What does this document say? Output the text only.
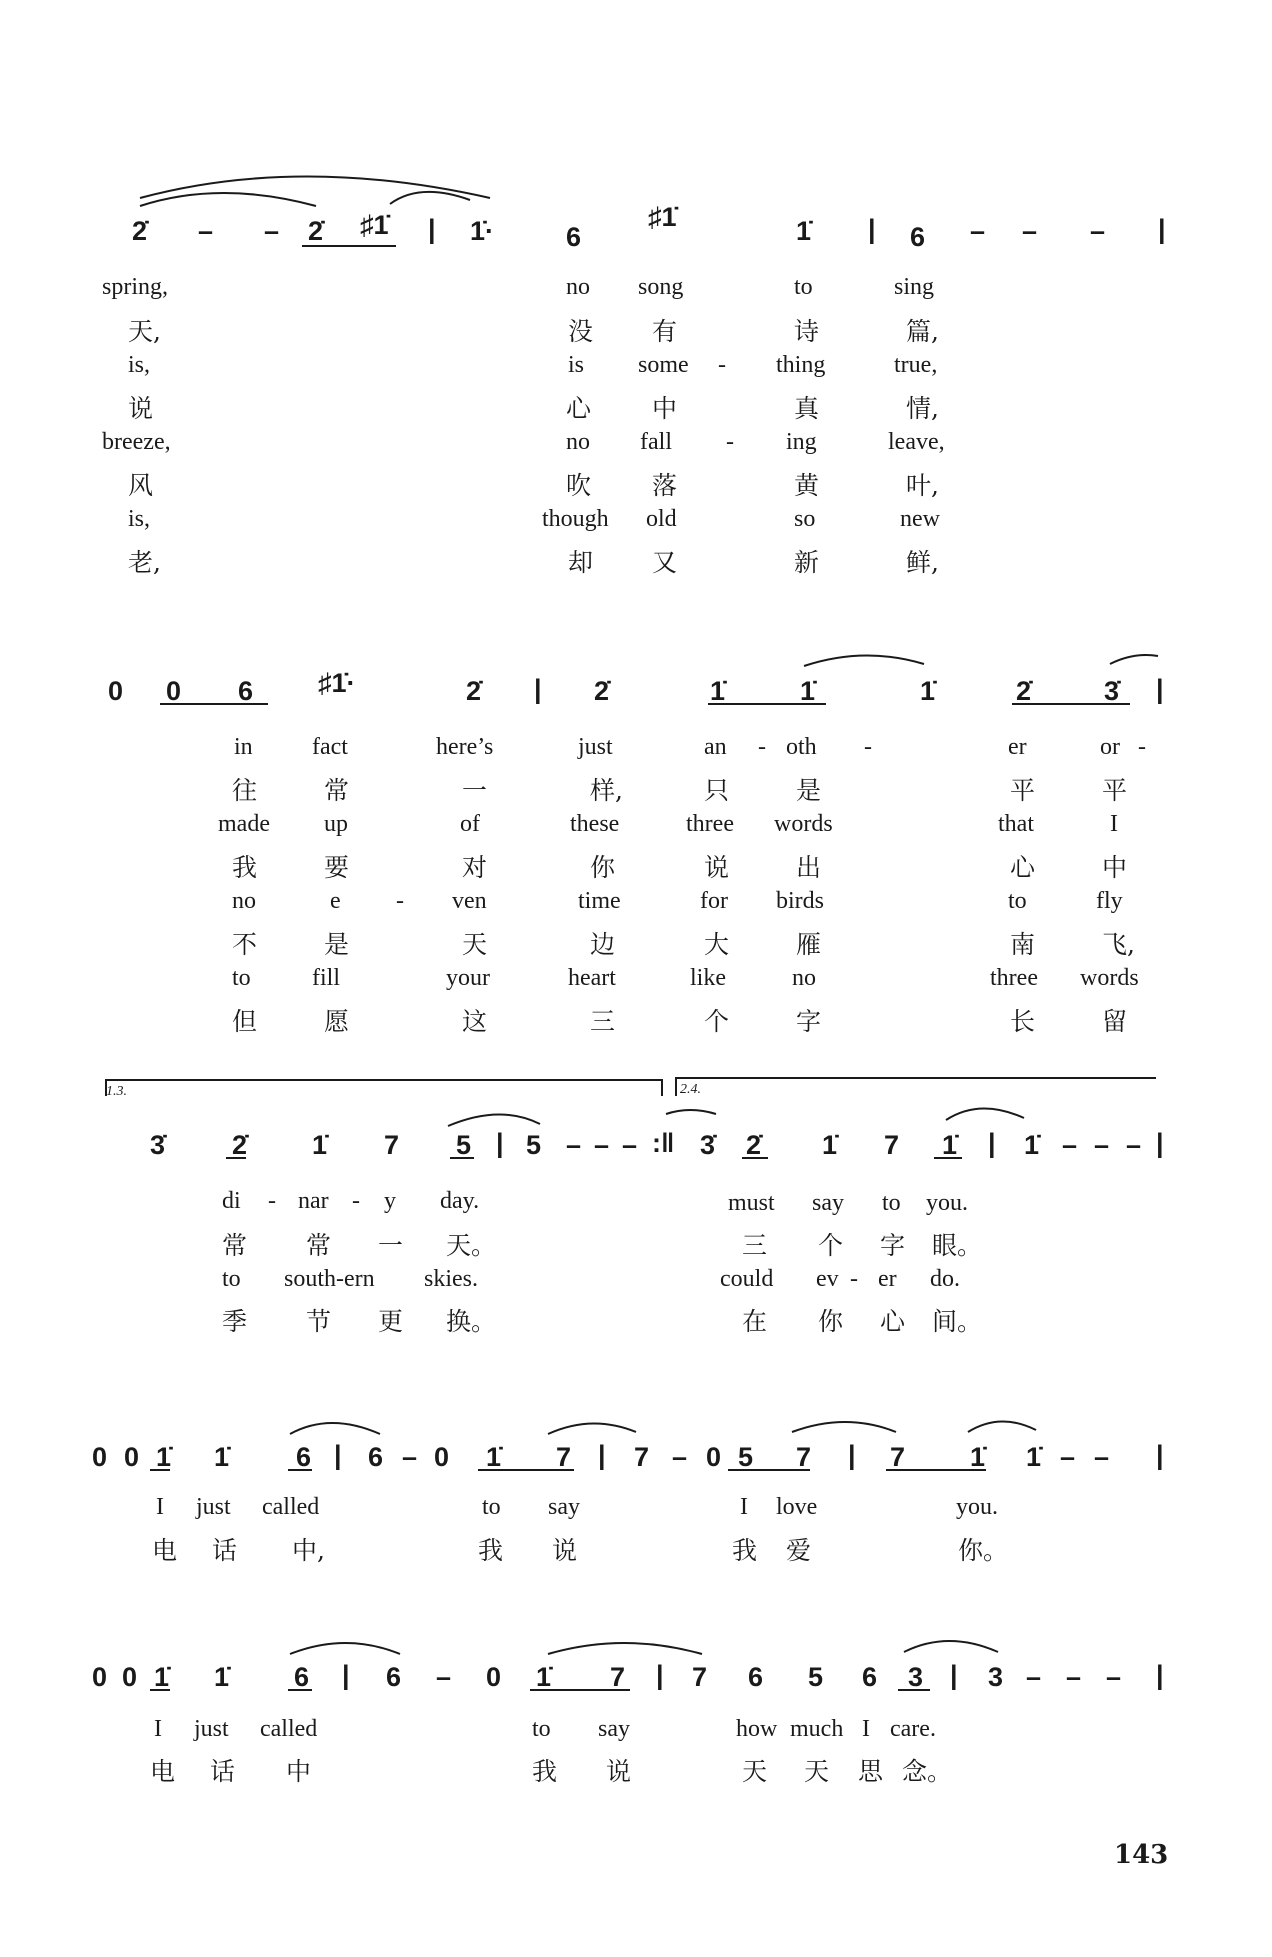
2̇ – – 2̇ ♯1̇ | 1̇·	6
♯1̇	1̇ | 6 – – – |
spring,	no song	to	sing
天,	没 有	诗	篇,
is,	is some - thing	true,
说	心 中	真	情,
breeze,	no fall - ing	leave,
风	吹 落	黄	叶,
is,	though old	so	new
老,	却 又	新	鲜,
0 0 6 ♯1̇·	2̇ | 2̇	1̇	1̇	1̇	2̇	3̇ |
in fact	here’s	just	an - oth -	er	or -
往	常	一	样,	只	是	平	平
made up	of	these	three words	that	I
我	要	对	你	说	出	心	中
no	e - ven	time	for birds	to	fly
不	是	天	边	大	雁	南	飞,
to	fill	your	heart	like	no	three words
但	愿	这	三	个	字	长	留
1.3.	2.4.
3̇ 2̇ 1̇ 7 5 | 5 – – – :‖ 3̇ 2̇ 1̇ 7 1̇ | 1̇ – – – |
di - nar - y day.	must say to you.
常 常 一 天。	三 个 字 眼。
to south-ern skies.	could ev - er do.
季 节 更 换。	在 你 心 间。
0 0 1̇ 1̇ 6 | 6 – 0 1̇ 7 | 7 – 0 5 7 | 7 1̇ 1̇ – – |
I just called	to say	I love	you.
电 话 中,	我 说	我 爱	你。
0 0 1̇ 1̇ 6 | 6 – 0 1̇ 7 | 7 6 5 6 3 | 3 – – – |
I just called	to say	how much I care.
电 话 中	我 说	天 天 思 念。
143
